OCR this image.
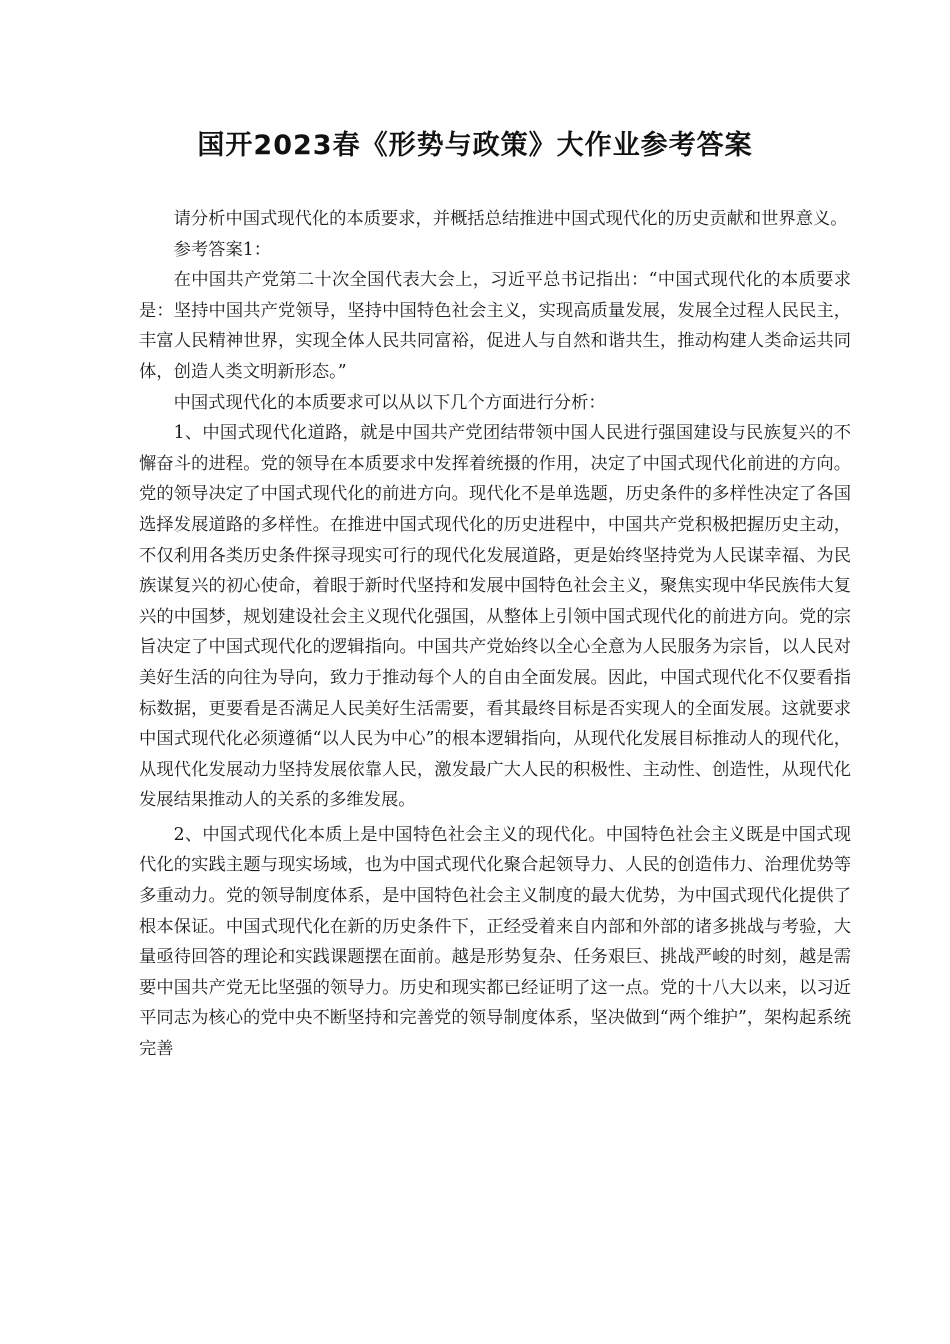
国开2023春《形势与政策》大作业参考答案

请分析中国式现代化的本质要求，并概括总结推进中国式现代化的历史贡献和世界意义。

参考答案1：

在中国共产党第二十次全国代表大会上，习近平总书记指出：“中国式现代化的本质要求是：坚持中国共产党领导，坚持中国特色社会主义，实现高质量发展，发展全过程人民民主，丰富人民精神世界，实现全体人民共同富裕，促进人与自然和谐共生，推动构建人类命运共同体，创造人类文明新形态。”

中国式现代化的本质要求可以从以下几个方面进行分析：

1、中国式现代化道路，就是中国共产党团结带领中国人民进行强国建设与民族复兴的不懈奋斗的进程。党的领导在本质要求中发挥着统摄的作用，决定了中国式现代化前进的方向。党的领导决定了中国式现代化的前进方向。现代化不是单选题，历史条件的多样性决定了各国选择发展道路的多样性。在推进中国式现代化的历史进程中，中国共产党积极把握历史主动，不仅利用各类历史条件探寻现实可行的现代化发展道路，更是始终坚持党为人民谋幸福、为民族谋复兴的初心使命，着眼于新时代坚持和发展中国特色社会主义，聚焦实现中华民族伟大复兴的中国梦，规划建设社会主义现代化强国，从整体上引领中国式现代化的前进方向。党的宗旨决定了中国式现代化的逻辑指向。中国共产党始终以全心全意为人民服务为宗旨，以人民对美好生活的向往为导向，致力于推动每个人的自由全面发展。因此，中国式现代化不仅要看指标数据，更要看是否满足人民美好生活需要，看其最终目标是否实现人的全面发展。这就要求中国式现代化必须遵循“以人民为中心”的根本逻辑指向，从现代化发展目标推动人的现代化，从现代化发展动力坚持发展依靠人民，激发最广大人民的积极性、主动性、创造性，从现代化发展结果推动人的关系的多维发展。

2、中国式现代化本质上是中国特色社会主义的现代化。中国特色社会主义既是中国式现代化的实践主题与现实场域，也为中国式现代化聚合起领导力、人民的创造伟力、治理优势等多重动力。党的领导制度体系，是中国特色社会主义制度的最大优势，为中国式现代化提供了根本保证。中国式现代化在新的历史条件下，正经受着来自内部和外部的诸多挑战与考验，大量亟待回答的理论和实践课题摆在面前。越是形势复杂、任务艰巨、挑战严峻的时刻，越是需要中国共产党无比坚强的领导力。历史和现实都已经证明了这一点。党的十八大以来，以习近平同志为核心的党中央不断坚持和完善党的领导制度体系，坚决做到“两个维护”，架构起系统完善
